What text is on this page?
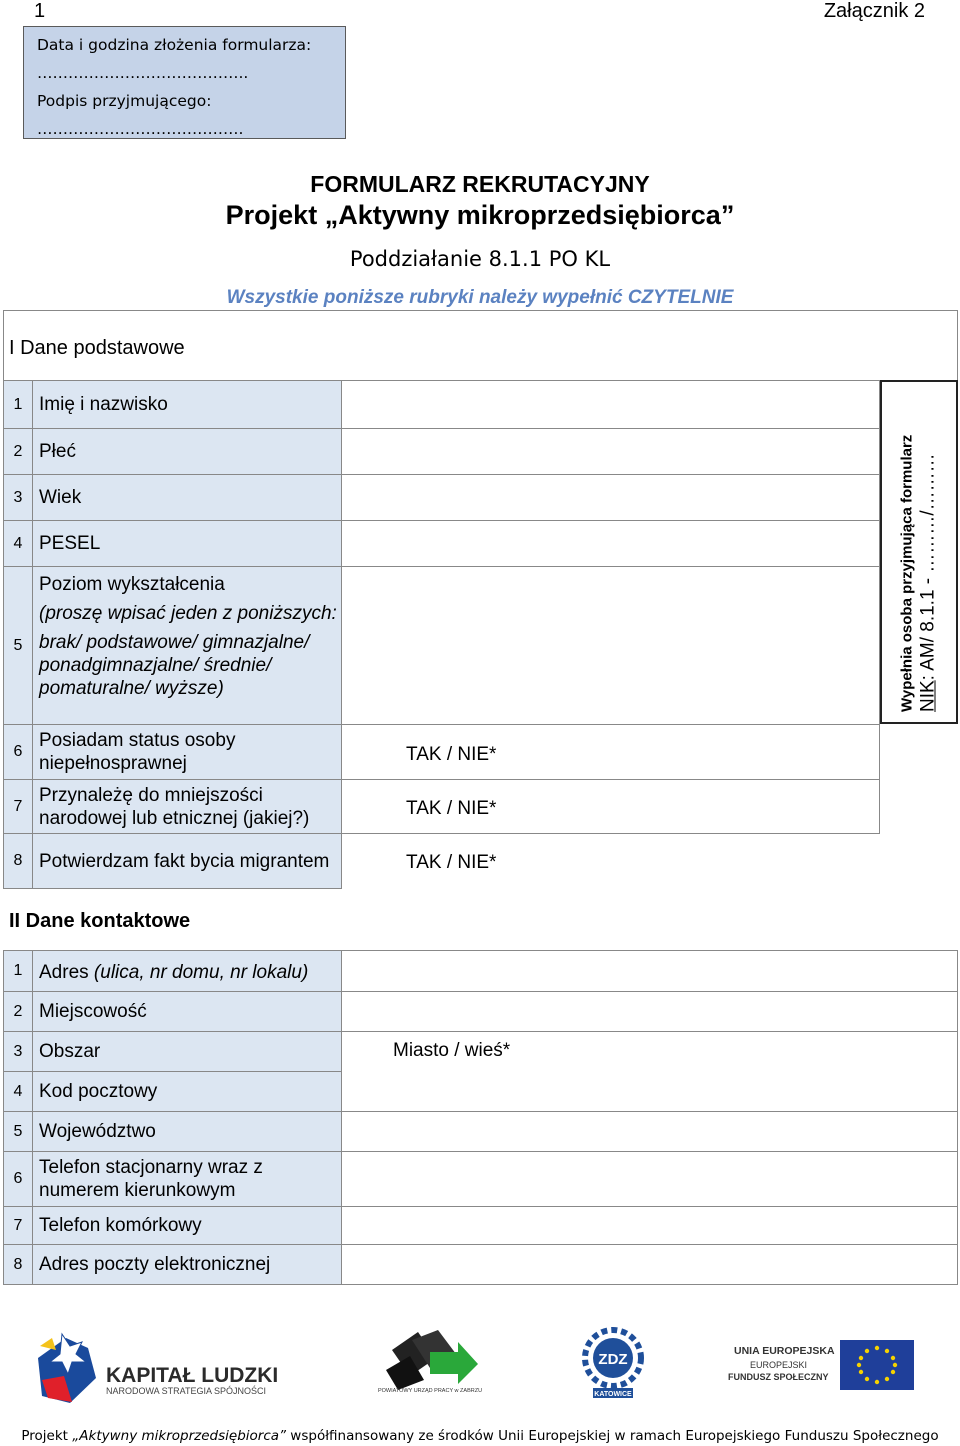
1	Załącznik 2
Data i godzina złożenia formularza:
…………………………………..
Podpis przyjmującego:
………………………………….
FORMULARZ REKRUTACYJNY
Projekt „Aktywny mikroprzedsiębiorca”
Poddziałanie 8.1.1 PO KL
Wszystkie poniższe rubryki należy wypełnić CZYTELNIE
I Dane podstawowe
1 Imię i nazwisko
2 Płeć
3 Wiek
4 PESEL
5
Poziom wykształcenia
(proszę wpisać jeden z poniższych:
brak/ podstawowe/ gimnazjalne/ ponadgimnazjalne/ średnie/ pomaturalne/ wyższe)
6
Posiadam status osoby niepełnosprawnej
7
Przynależę do mniejszości narodowej lub etnicznej (jakiej?)
8 Potwierdzam fakt bycia migrantem
TAK / NIE*
TAK / NIE*
TAK / NIE*
Wypełnia osoba przyjmująca formularz NIK: AM/ 8.1.1 - ………/………
II Dane kontaktowe
1 Adres (ulica, nr domu, nr lokalu)
2 Miejscowość
3 Obszar
4 Kod pocztowy
5 Województwo
6
Telefon stacjonarny wraz z numerem kierunkowym
7 Telefon komórkowy
8 Adres poczty elektronicznej
Miasto / wieś*
KAPITAŁ LUDZKI
NARODOWA STRATEGIA SPÓJNOŚCI	POWIATOWY URZĄD PRACY w ZABRZU
ZDZ
KATOWICE
UNIA EUROPEJSKA
EUROPEJSKI
FUNDUSZ SPOŁECZNY
Projekt „Aktywny mikroprzedsiębiorca” współfinansowany ze środków Unii Europejskiej w ramach Europejskiego Funduszu Społecznego
